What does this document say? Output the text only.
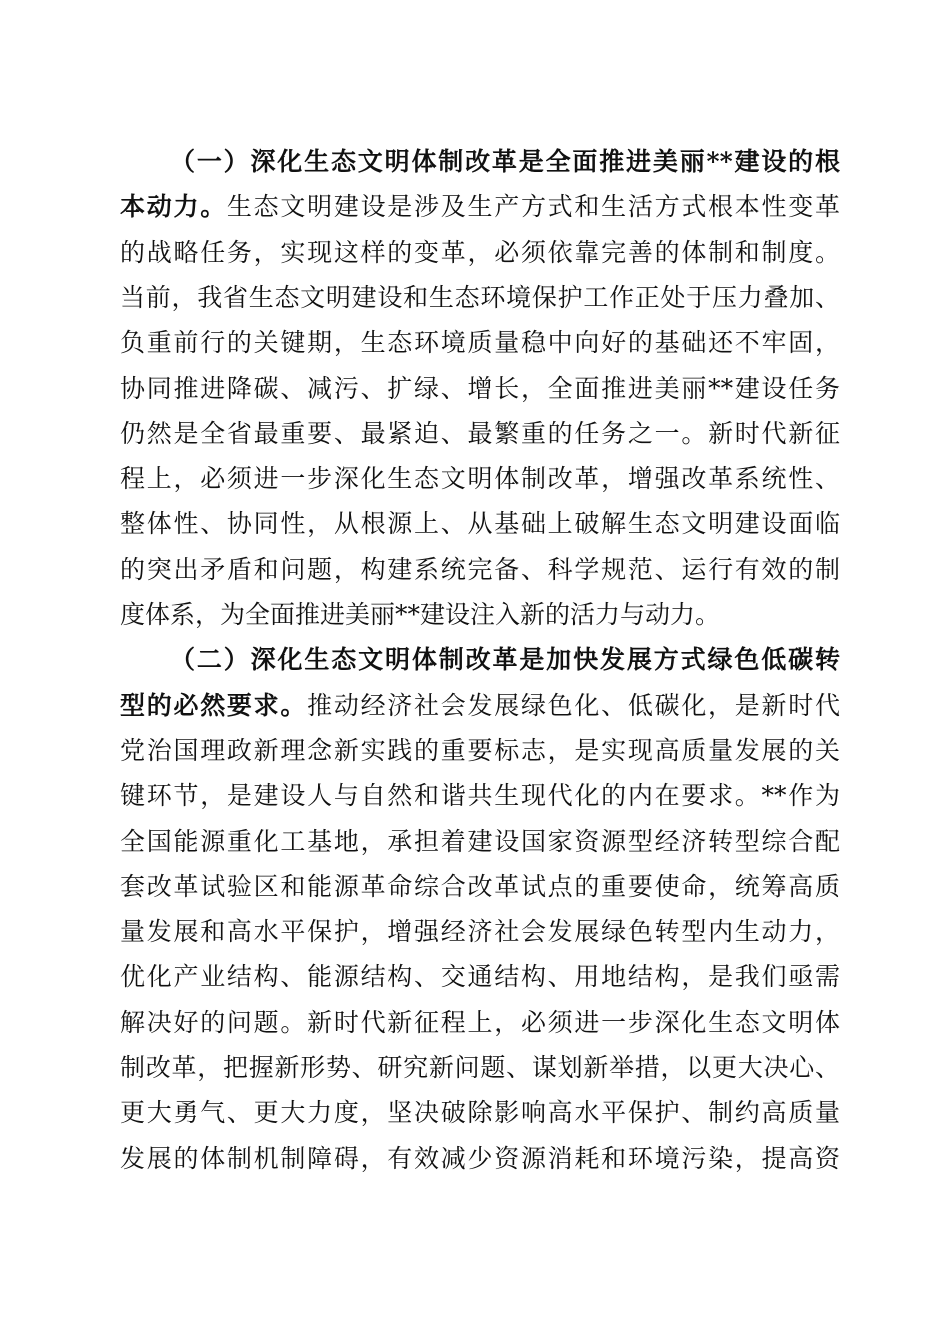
（一）深化生态文明体制改革是全面推进美丽**建设的根
本动力。生态文明建设是涉及生产方式和生活方式根本性变革
的战略任务，实现这样的变革，必须依靠完善的体制和制度。
当前，我省生态文明建设和生态环境保护工作正处于压力叠加、
负重前行的关键期，生态环境质量稳中向好的基础还不牢固，
协同推进降碳、减污、扩绿、增长，全面推进美丽**建设任务
仍然是全省最重要、最紧迫、最繁重的任务之一。新时代新征
程上，必须进一步深化生态文明体制改革，增强改革系统性、
整体性、协同性，从根源上、从基础上破解生态文明建设面临
的突出矛盾和问题，构建系统完备、科学规范、运行有效的制
度体系，为全面推进美丽**建设注入新的活力与动力。
（二）深化生态文明体制改革是加快发展方式绿色低碳转
型的必然要求。推动经济社会发展绿色化、低碳化，是新时代
党治国理政新理念新实践的重要标志，是实现高质量发展的关
键环节，是建设人与自然和谐共生现代化的内在要求。**作为
全国能源重化工基地，承担着建设国家资源型经济转型综合配
套改革试验区和能源革命综合改革试点的重要使命，统筹高质
量发展和高水平保护，增强经济社会发展绿色转型内生动力，
优化产业结构、能源结构、交通结构、用地结构，是我们亟需
解决好的问题。新时代新征程上，必须进一步深化生态文明体
制改革，把握新形势、研究新问题、谋划新举措，以更大决心、
更大勇气、更大力度，坚决破除影响高水平保护、制约高质量
发展的体制机制障碍，有效减少资源消耗和环境污染，提高资
